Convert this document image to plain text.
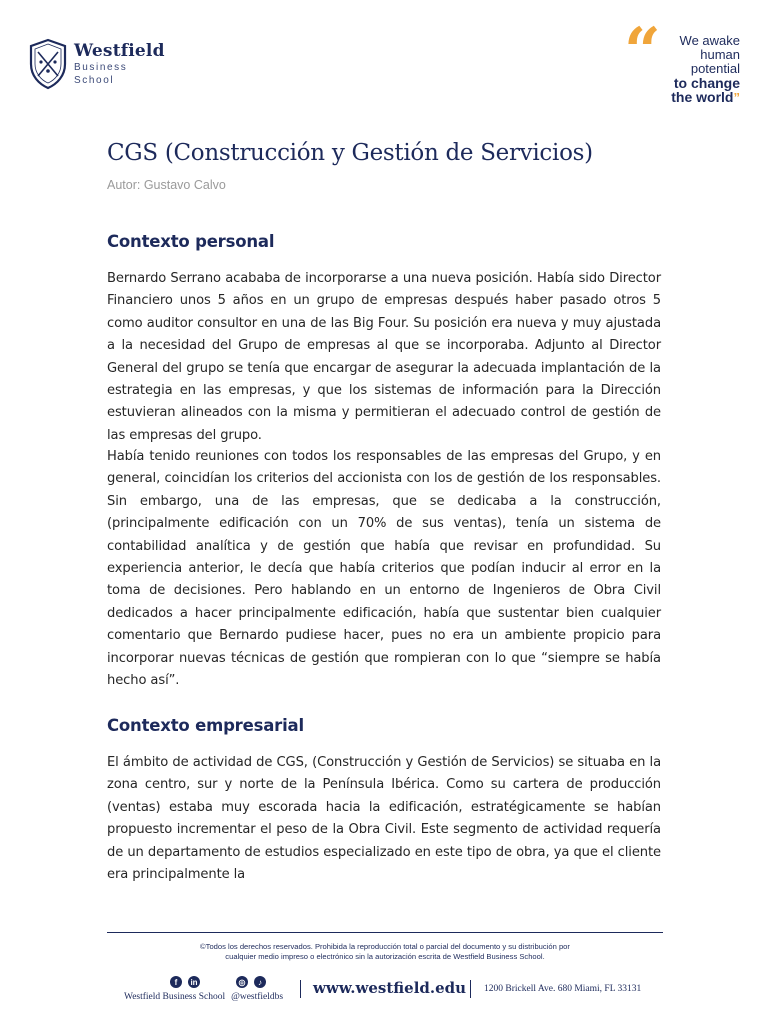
Westfield
Business
School	“	We awake
human
potential
to change
the world”
CGS (Construcción y Gestión de Servicios)
Autor: Gustavo Calvo
Contexto personal

Bernardo Serrano acababa de incorporarse a una nueva posición. Había sido Director Financiero unos 5 años en un grupo de empresas después haber pasado otros 5 como auditor consultor en una de las Big Four. Su posición era nueva y muy ajustada a la necesidad del Grupo de empresas al que se incorporaba. Adjunto al Director General del grupo se tenía que encargar de asegurar la adecuada implantación de la estrategia en las empresas, y que los sistemas de información para la Dirección estuvieran alineados con la misma y permitieran el adecuado control de gestión de las empresas del grupo.

Había tenido reuniones con todos los responsables de las empresas del Grupo, y en general, coincidían los criterios del accionista con los de gestión de los responsables. Sin embargo, una de las empresas, que se dedicaba a la construcción, (principalmente edificación con un 70% de sus ventas), tenía un sistema de contabilidad analítica y de gestión que había que revisar en profundidad. Su experiencia anterior, le decía que había criterios que podían inducir al error en la toma de decisiones. Pero hablando en un entorno de Ingenieros de Obra Civil dedicados a hacer principalmente edificación, había que sustentar bien cualquier comentario que Bernardo pudiese hacer, pues no era un ambiente propicio para incorporar nuevas técnicas de gestión que rompieran con lo que “siempre se había hecho así”.

Contexto empresarial

El ámbito de actividad de CGS, (Construcción y Gestión de Servicios) se situaba en la zona centro, sur y norte de la Península Ibérica. Como su cartera de producción (ventas) estaba muy escorada hacia la edificación, estratégicamente se habían propuesto incrementar el peso de la Obra Civil. Este segmento de actividad requería de un departamento de estudios especializado en este tipo de obra, ya que el cliente era principalmente la

©Todos los derechos reservados. Prohibida la reproducción total o parcial del documento y su distribución por
cualquier medio impreso o electrónico sin la autorización escrita de Westfield Business School.
f	in	◎	♪
Westfield Business School @westfieldbs www.westfield.edu 1200 Brickell Ave. 680 Miami, FL 33131
